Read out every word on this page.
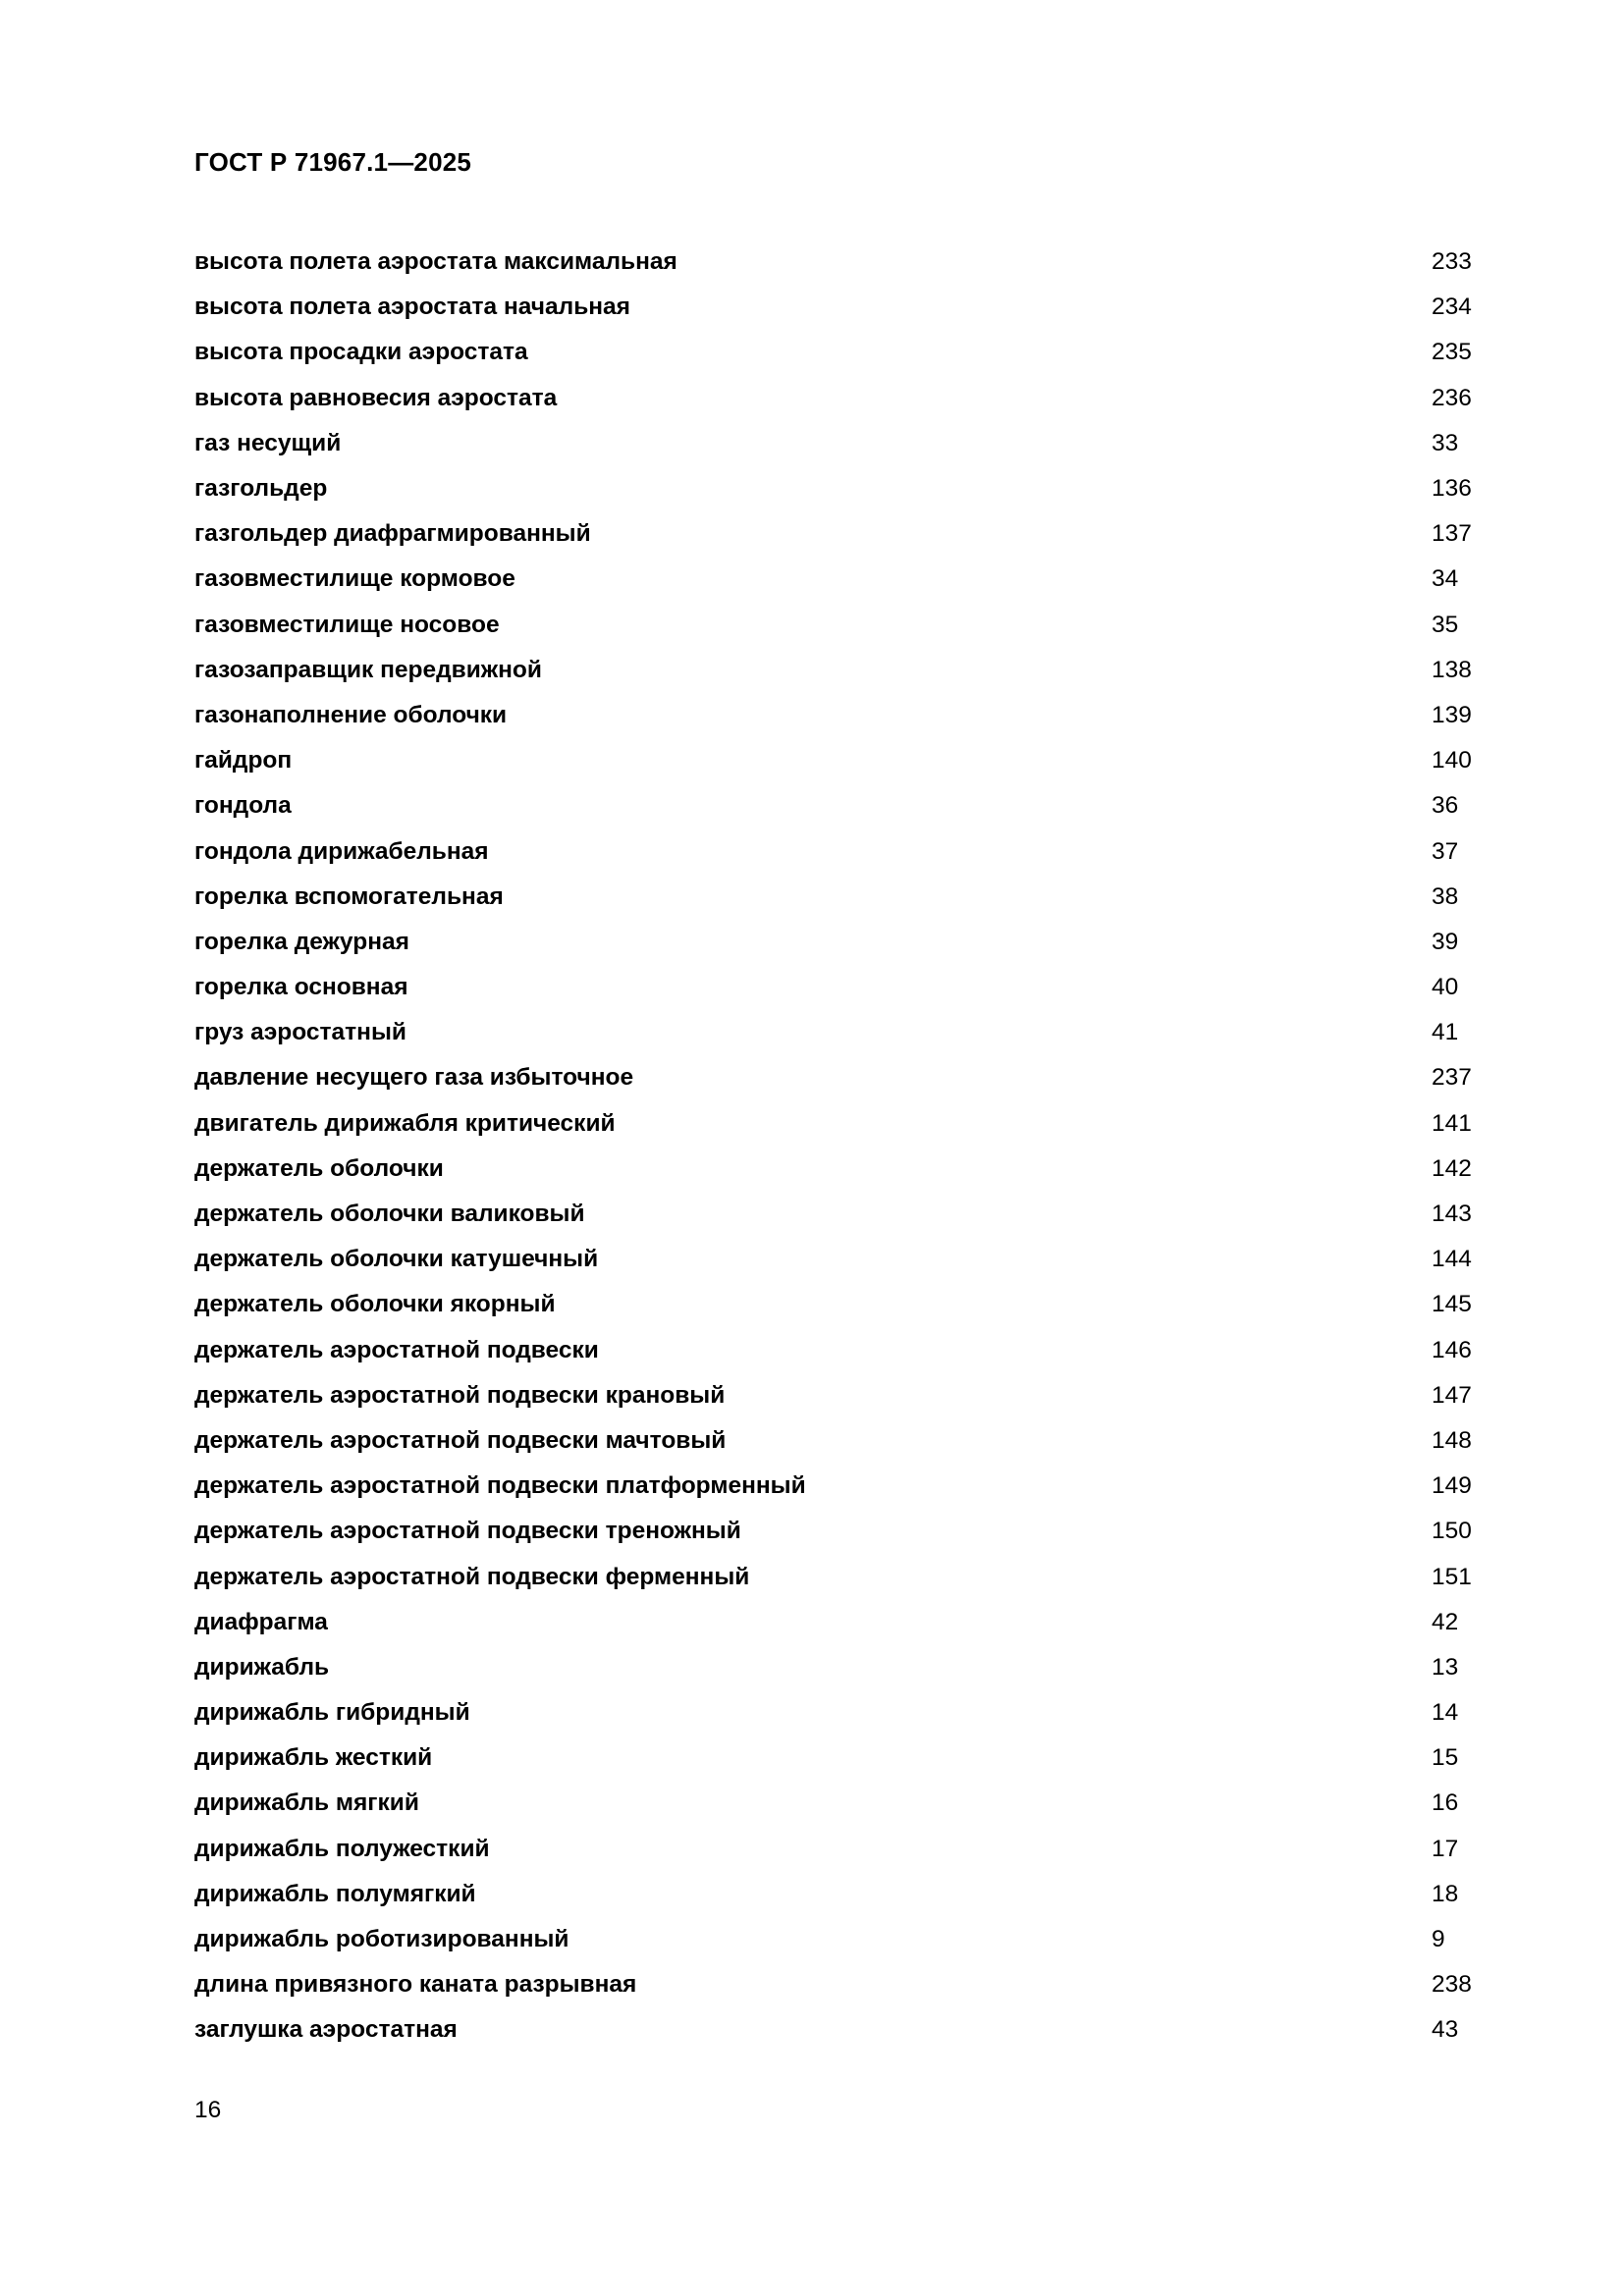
ГОСТ Р 71967.1—2025
высота полета аэростата максимальная	233
высота полета аэростата начальная	234
высота просадки аэростата	235
высота равновесия аэростата	236
газ несущий	33
газгольдер	136
газгольдер диафрагмированный	137
газовместилище кормовое	34
газовместилище носовое	35
газозаправщик передвижной	138
газонаполнение оболочки	139
гайдроп	140
гондола	36
гондола дирижабельная	37
горелка вспомогательная	38
горелка дежурная	39
горелка основная	40
груз аэростатный	41
давление несущего газа избыточное	237
двигатель дирижабля критический	141
держатель оболочки	142
держатель оболочки валиковый	143
держатель оболочки катушечный	144
держатель оболочки якорный	145
держатель аэростатной подвески	146
держатель аэростатной подвески крановый	147
держатель аэростатной подвески мачтовый	148
держатель аэростатной подвески платформенный	149
держатель аэростатной подвески треножный	150
держатель аэростатной подвески ферменный	151
диафрагма	42
дирижабль	13
дирижабль гибридный	14
дирижабль жесткий	15
дирижабль мягкий	16
дирижабль полужесткий	17
дирижабль полумягкий	18
дирижабль роботизированный	9
длина привязного каната разрывная	238
заглушка аэростатная	43
16
